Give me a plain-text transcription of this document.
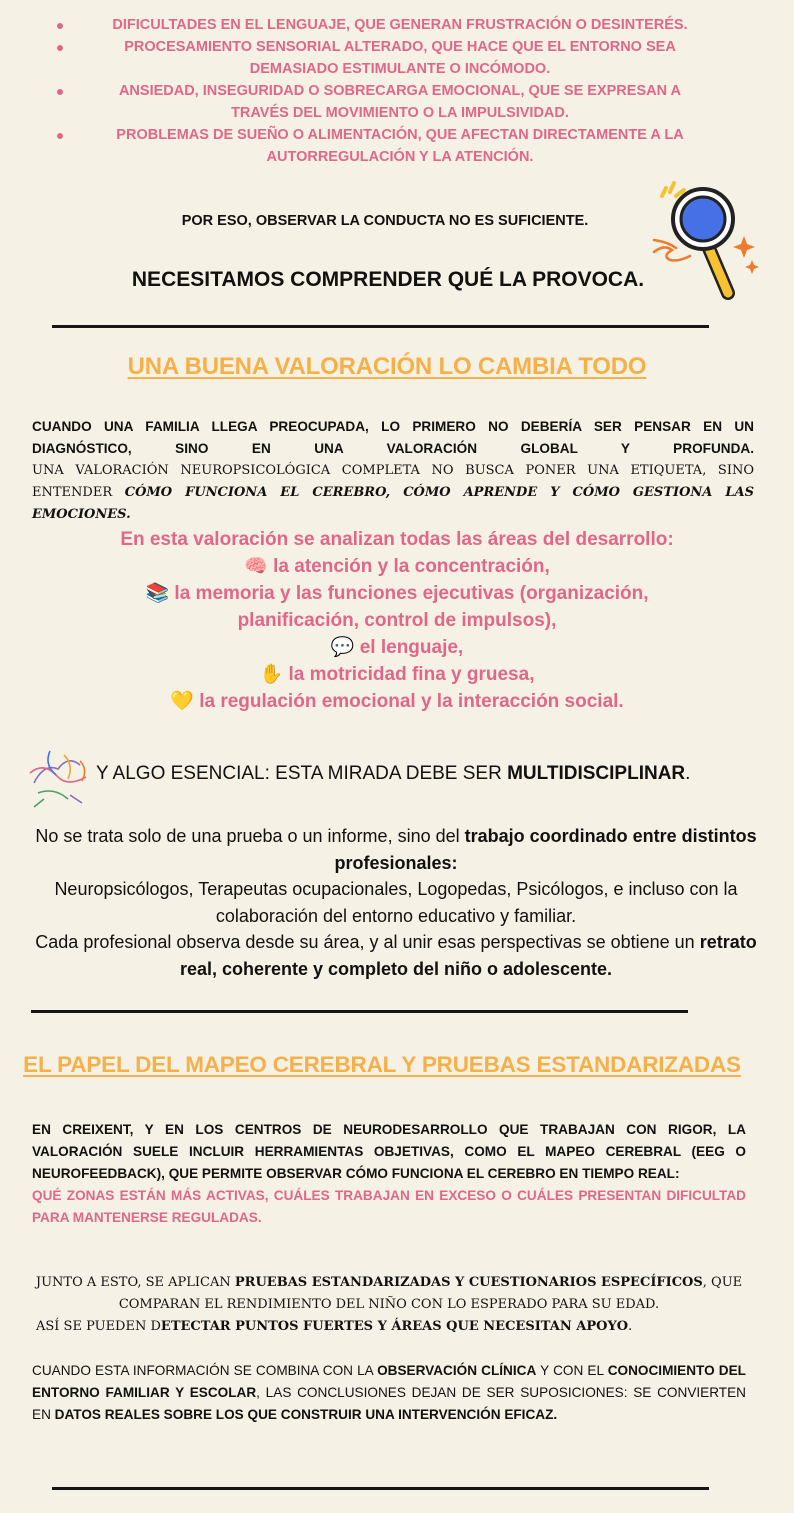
DIFICULTADES EN EL LENGUAJE, QUE GENERAN FRUSTRACIÓN O DESINTERÉS.
PROCESAMIENTO SENSORIAL ALTERADO, QUE HACE QUE EL ENTORNO SEA DEMASIADO ESTIMULANTE O INCÓMODO.
ANSIEDAD, INSEGURIDAD O SOBRECARGA EMOCIONAL, QUE SE EXPRESAN A TRAVÉS DEL MOVIMIENTO O LA IMPULSIVIDAD.
PROBLEMAS DE SUEÑO O ALIMENTACIÓN, QUE AFECTAN DIRECTAMENTE A LA AUTORREGULACIÓN Y LA ATENCIÓN.
POR ESO, OBSERVAR LA CONDUCTA NO ES SUFICIENTE.
NECESITAMOS COMPRENDER QUÉ LA PROVOCA.
UNA BUENA VALORACIÓN LO CAMBIA TODO
CUANDO UNA FAMILIA LLEGA PREOCUPADA, LO PRIMERO NO DEBERÍA SER PENSAR EN UN DIAGNÓSTICO, SINO EN UNA VALORACIÓN GLOBAL Y PROFUNDA.
UNA VALORACIÓN NEUROPSICOLÓGICA COMPLETA NO BUSCA PONER UNA ETIQUETA, SINO ENTENDER CÓMO FUNCIONA EL CEREBRO, CÓMO APRENDE Y CÓMO GESTIONA LAS EMOCIONES.
En esta valoración se analizan todas las áreas del desarrollo:
🧠 la atención y la concentración,
📚 la memoria y las funciones ejecutivas (organización,
planificación, control de impulsos),
💬 el lenguaje,
✋ la motricidad fina y gruesa,
💛 la regulación emocional y la interacción social.
Y ALGO ESENCIAL: ESTA MIRADA DEBE SER MULTIDISCIPLINAR.
No se trata solo de una prueba o un informe, sino del trabajo coordinado entre distintos profesionales:
Neuropsicólogos, Terapeutas ocupacionales, Logopedas, Psicólogos, e incluso con la colaboración del entorno educativo y familiar.
Cada profesional observa desde su área, y al unir esas perspectivas se obtiene un retrato real, coherente y completo del niño o adolescente.
EL PAPEL DEL MAPEO CEREBRAL Y PRUEBAS ESTANDARIZADAS
EN CREIXENT, Y EN LOS CENTROS DE NEURODESARROLLO QUE TRABAJAN CON RIGOR, LA VALORACIÓN SUELE INCLUIR HERRAMIENTAS OBJETIVAS, COMO EL MAPEO CEREBRAL (EEG O NEUROFEEDBACK), QUE PERMITE OBSERVAR CÓMO FUNCIONA EL CEREBRO EN TIEMPO REAL:
QUÉ ZONAS ESTÁN MÁS ACTIVAS, CUÁLES TRABAJAN EN EXCESO O CUÁLES PRESENTAN DIFICULTAD PARA MANTENERSE REGULADAS.
JUNTO A ESTO, SE APLICAN PRUEBAS ESTANDARIZADAS Y CUESTIONARIOS ESPECÍFICOS, QUE COMPARAN EL RENDIMIENTO DEL NIÑO CON LO ESPERADO PARA SU EDAD.
ASÍ SE PUEDEN DETECTAR PUNTOS FUERTES Y ÁREAS QUE NECESITAN APOYO.
CUANDO ESTA INFORMACIÓN SE COMBINA CON LA OBSERVACIÓN CLÍNICA Y CON EL CONOCIMIENTO DEL ENTORNO FAMILIAR Y ESCOLAR, LAS CONCLUSIONES DEJAN DE SER SUPOSICIONES: SE CONVIERTEN EN DATOS REALES SOBRE LOS QUE CONSTRUIR UNA INTERVENCIÓN EFICAZ.
